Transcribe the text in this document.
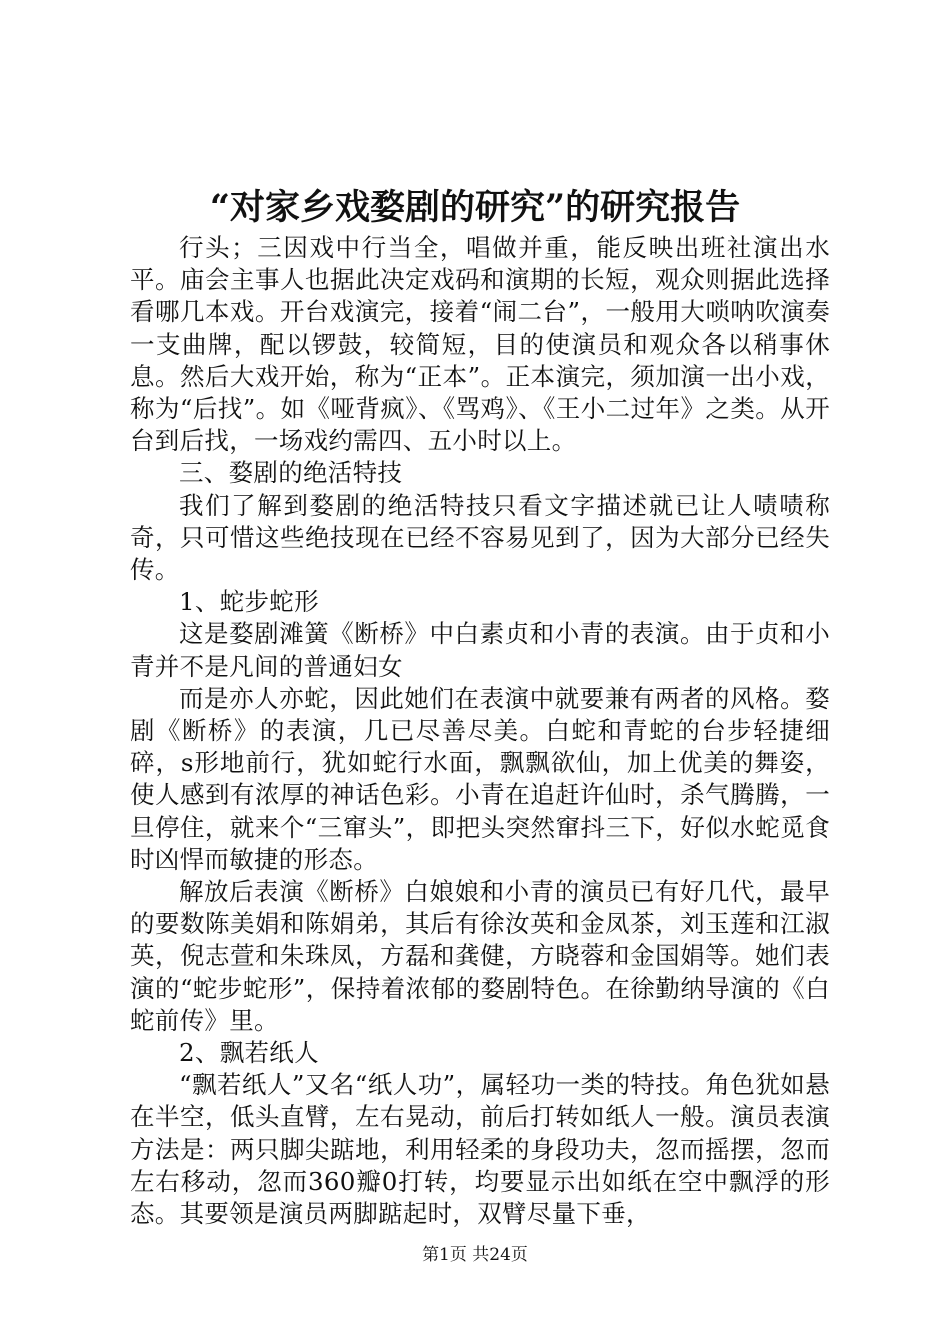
“对家乡戏婺剧的研究”的研究报告

行头；三因戏中行当全，唱做并重，能反映出班社演出水平。庙会主事人也据此决定戏码和演期的长短，观众则据此选择看哪几本戏。开台戏演完，接着“闹二台”，一般用大唢呐吹演奏一支曲牌，配以锣鼓，较简短，目的使演员和观众各以稍事休息。然后大戏开始，称为“正本”。正本演完，须加演一出小戏，称为“后找”。如《哑背疯》、《骂鸡》、《王小二过年》之类。从开台到后找，一场戏约需四、五小时以上。

三、婺剧的绝活特技

我们了解到婺剧的绝活特技只看文字描述就已让人啧啧称奇，只可惜这些绝技现在已经不容易见到了，因为大部分已经失传。

1、蛇步蛇形

这是婺剧滩簧《断桥》中白素贞和小青的表演。由于贞和小青并不是凡间的普通妇女

而是亦人亦蛇，因此她们在表演中就要兼有两者的风格。婺剧《断桥》的表演，几已尽善尽美。白蛇和青蛇的台步轻捷细碎，s形地前行，犹如蛇行水面，飘飘欲仙，加上优美的舞姿，使人感到有浓厚的神话色彩。小青在追赶许仙时，杀气腾腾，一旦停住，就来个“三窜头”，即把头突然窜抖三下，好似水蛇觅食时凶悍而敏捷的形态。

解放后表演《断桥》白娘娘和小青的演员已有好几代，最早的要数陈美娟和陈娟弟，其后有徐汝英和金凤茶，刘玉莲和江淑英，倪志萱和朱珠凤，方磊和龚健，方晓蓉和金国娟等。她们表演的“蛇步蛇形”，保持着浓郁的婺剧特色。在徐勤纳导演的《白蛇前传》里。

2、飘若纸人

“飘若纸人”又名“纸人功”，属轻功一类的特技。角色犹如悬在半空，低头直臂，左右晃动，前后打转如纸人一般。演员表演方法是：两只脚尖踮地，利用轻柔的身段功夫，忽而摇摆，忽而左右移动，忽而360瓣0打转，均要显示出如纸在空中飘浮的形态。其要领是演员两脚踮起时，双臂尽量下垂，

第1页 共24页
